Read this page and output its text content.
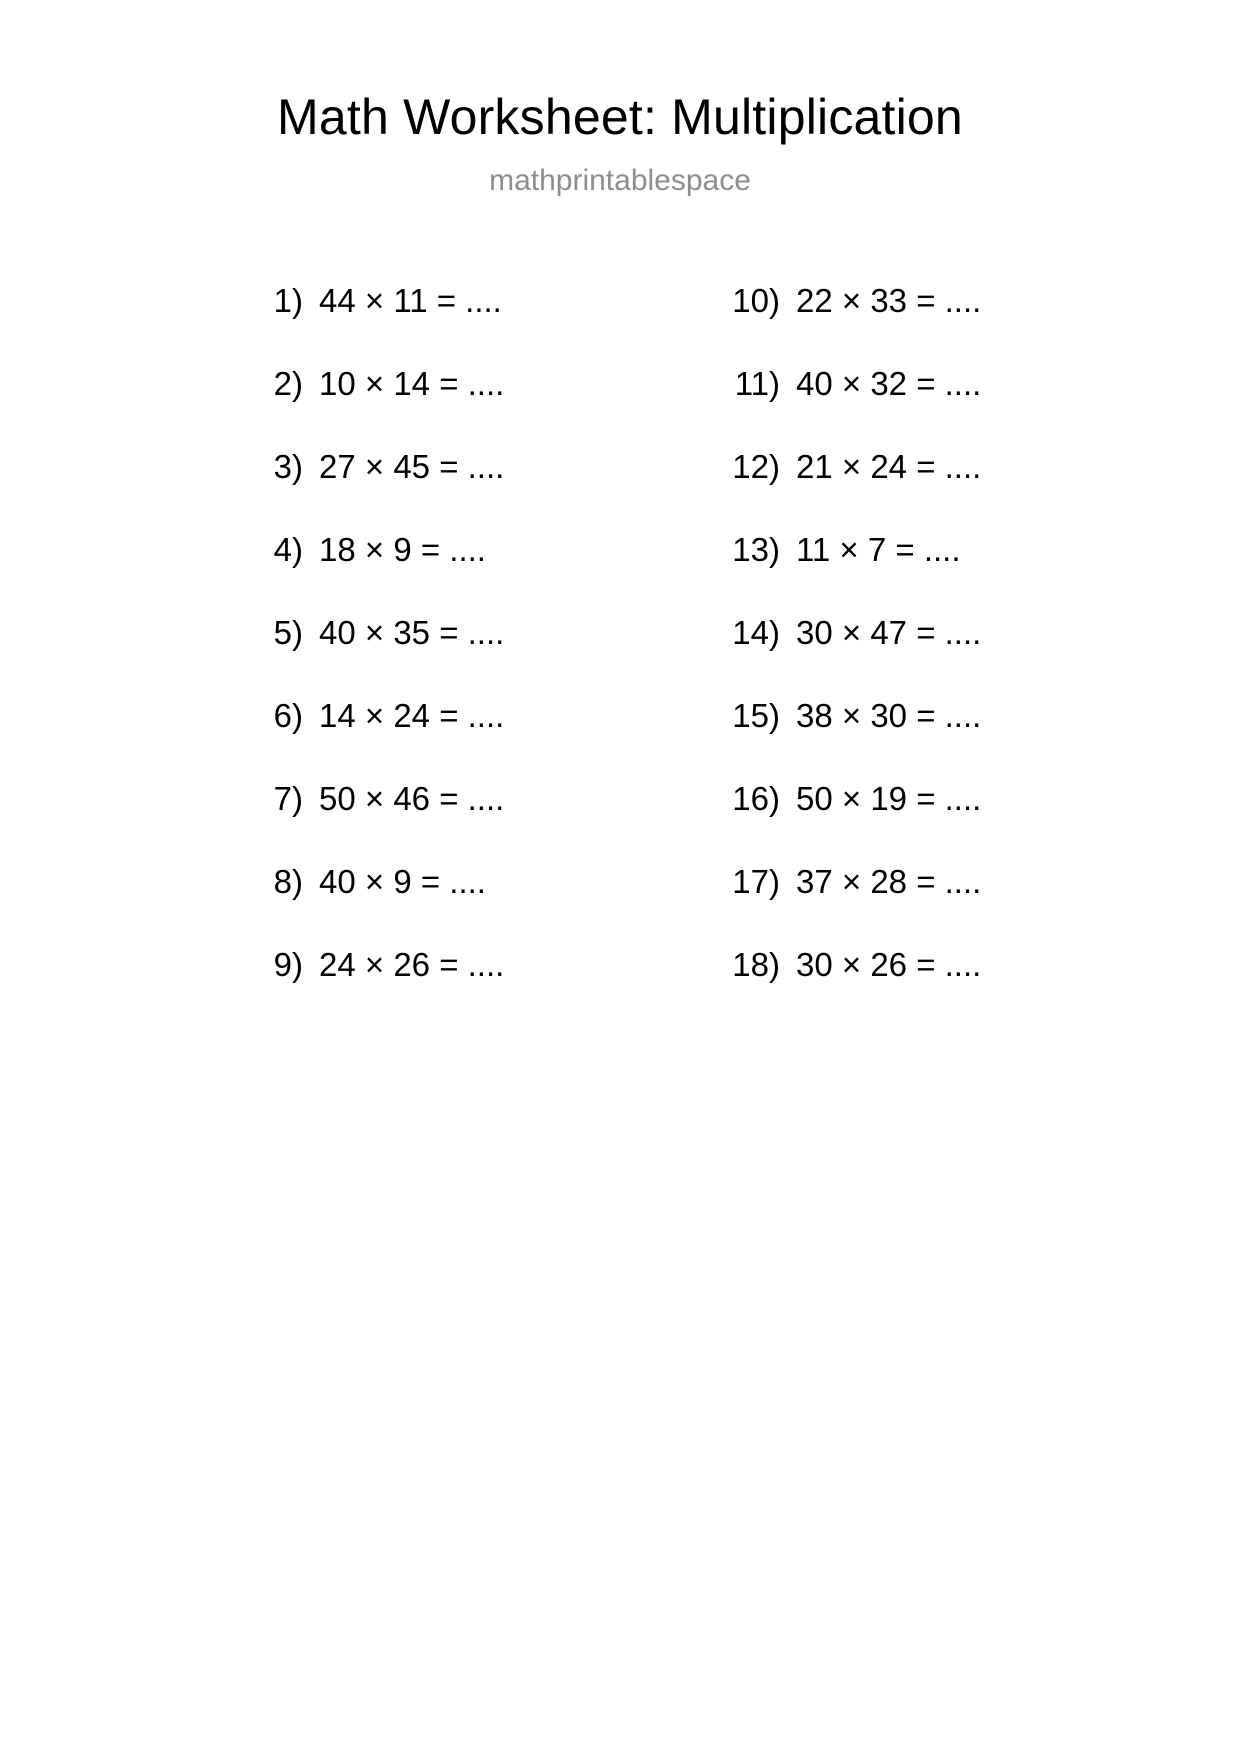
Math Worksheet: Multiplication
mathprintablespace
1) 44 × 11 = ....
2) 10 × 14 = ....
3) 27 × 45 = ....
4) 18 × 9 = ....
5) 40 × 35 = ....
6) 14 × 24 = ....
7) 50 × 46 = ....
8) 40 × 9 = ....
9) 24 × 26 = ....
10) 22 × 33 = ....
11) 40 × 32 = ....
12) 21 × 24 = ....
13) 11 × 7 = ....
14) 30 × 47 = ....
15) 38 × 30 = ....
16) 50 × 19 = ....
17) 37 × 28 = ....
18) 30 × 26 = ....
